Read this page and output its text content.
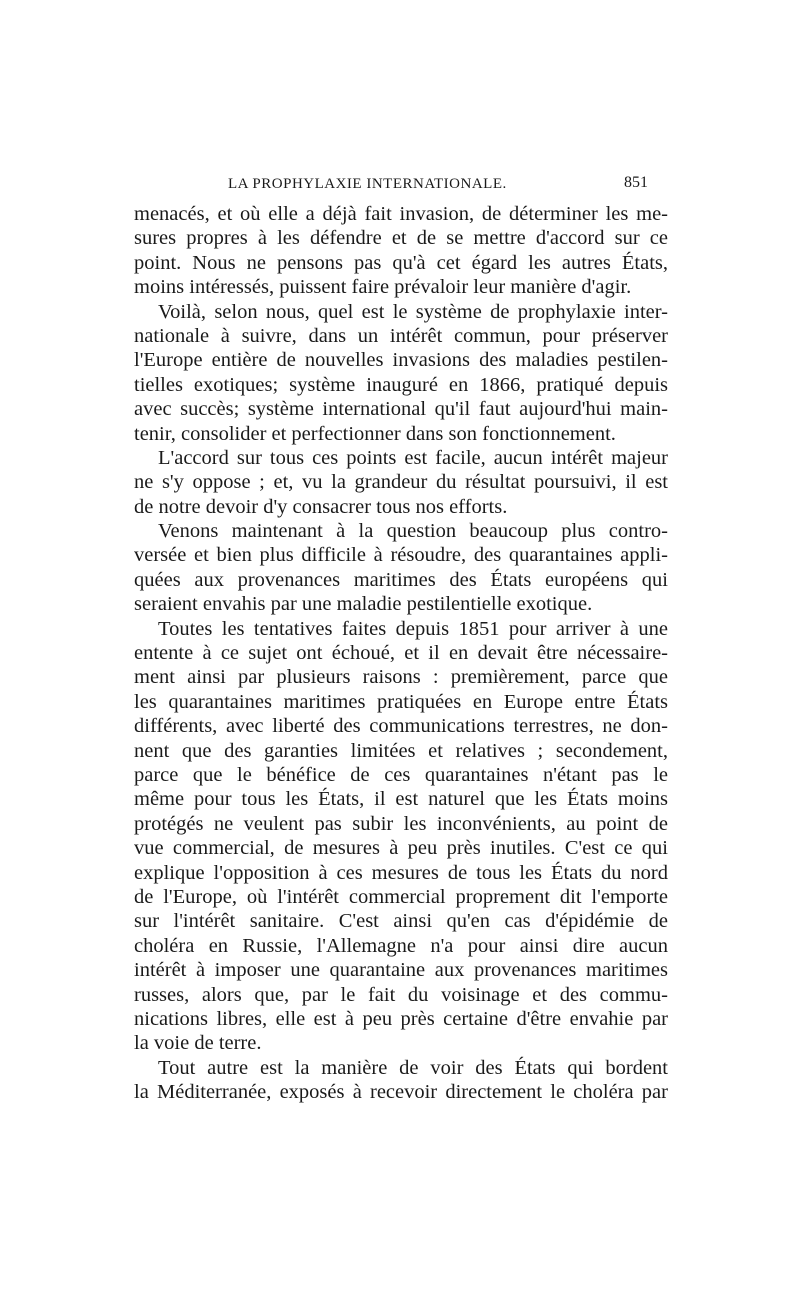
LA PROPHYLAXIE INTERNATIONALE.	851
menacés, et où elle a déjà fait invasion, de déterminer les me-
sures propres à les défendre et de se mettre d'accord sur ce
point. Nous ne pensons pas qu'à cet égard les autres États,
moins intéressés, puissent faire prévaloir leur manière d'agir.
Voilà, selon nous, quel est le système de prophylaxie inter-
nationale à suivre, dans un intérêt commun, pour préserver
l'Europe entière de nouvelles invasions des maladies pestilen-
tielles exotiques; système inauguré en 1866, pratiqué depuis
avec succès; système international qu'il faut aujourd'hui main-
tenir, consolider et perfectionner dans son fonctionnement.
L'accord sur tous ces points est facile, aucun intérêt majeur
ne s'y oppose ; et, vu la grandeur du résultat poursuivi, il est
de notre devoir d'y consacrer tous nos efforts.
Venons maintenant à la question beaucoup plus contro-
versée et bien plus difficile à résoudre, des quarantaines appli-
quées aux provenances maritimes des États européens qui
seraient envahis par une maladie pestilentielle exotique.
Toutes les tentatives faites depuis 1851 pour arriver à une
entente à ce sujet ont échoué, et il en devait être nécessaire-
ment ainsi par plusieurs raisons : premièrement, parce que
les quarantaines maritimes pratiquées en Europe entre États
différents, avec liberté des communications terrestres, ne don-
nent que des garanties limitées et relatives ; secondement,
parce que le bénéfice de ces quarantaines n'étant pas le
même pour tous les États, il est naturel que les États moins
protégés ne veulent pas subir les inconvénients, au point de
vue commercial, de mesures à peu près inutiles. C'est ce qui
explique l'opposition à ces mesures de tous les États du nord
de l'Europe, où l'intérêt commercial proprement dit l'emporte
sur l'intérêt sanitaire. C'est ainsi qu'en cas d'épidémie de
choléra en Russie, l'Allemagne n'a pour ainsi dire aucun
intérêt à imposer une quarantaine aux provenances maritimes
russes, alors que, par le fait du voisinage et des commu-
nications libres, elle est à peu près certaine d'être envahie par
la voie de terre.
Tout autre est la manière de voir des États qui bordent
la Méditerranée, exposés à recevoir directement le choléra par
